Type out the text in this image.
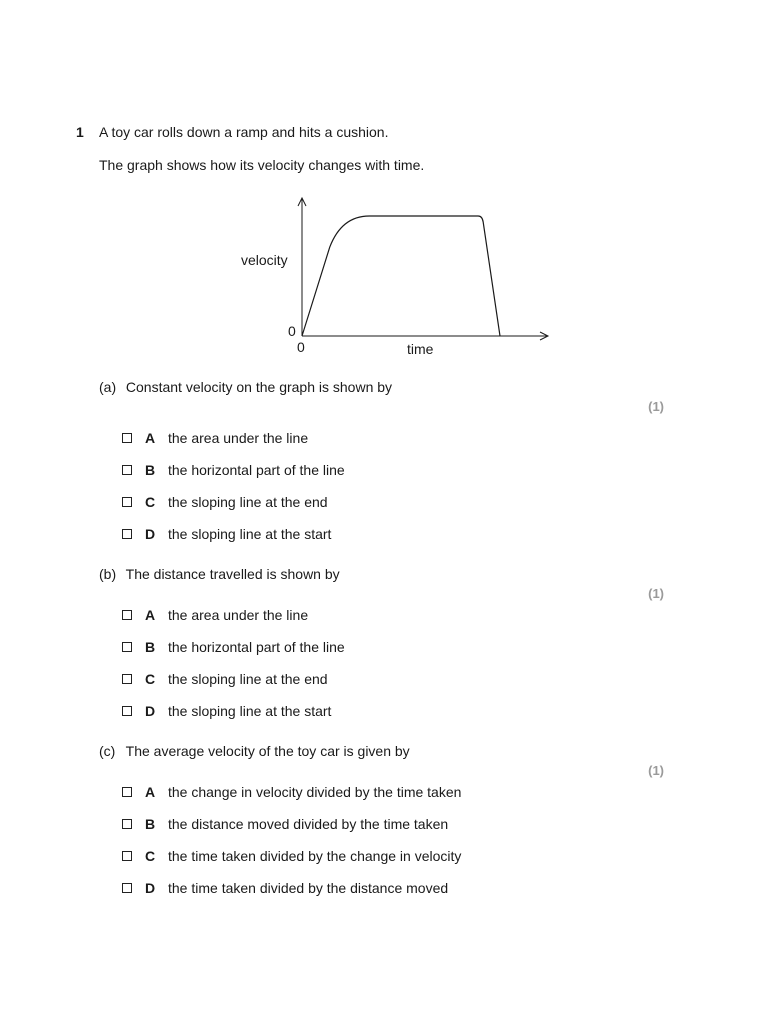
1 A toy car rolls down a ramp and hits a cushion.
The graph shows how its velocity changes with time.
velocity
0
0	time
(a) Constant velocity on the graph is shown by
(1)
A the area under the line
B the horizontal part of the line
C the sloping line at the end
D the sloping line at the start
(b) The distance travelled is shown by
(1)
A the area under the line
B the horizontal part of the line
C the sloping line at the end
D the sloping line at the start
(c) The average velocity of the toy car is given by
(1)
A the change in velocity divided by the time taken
B the distance moved divided by the time taken
C the time taken divided by the change in velocity
D the time taken divided by the distance moved
